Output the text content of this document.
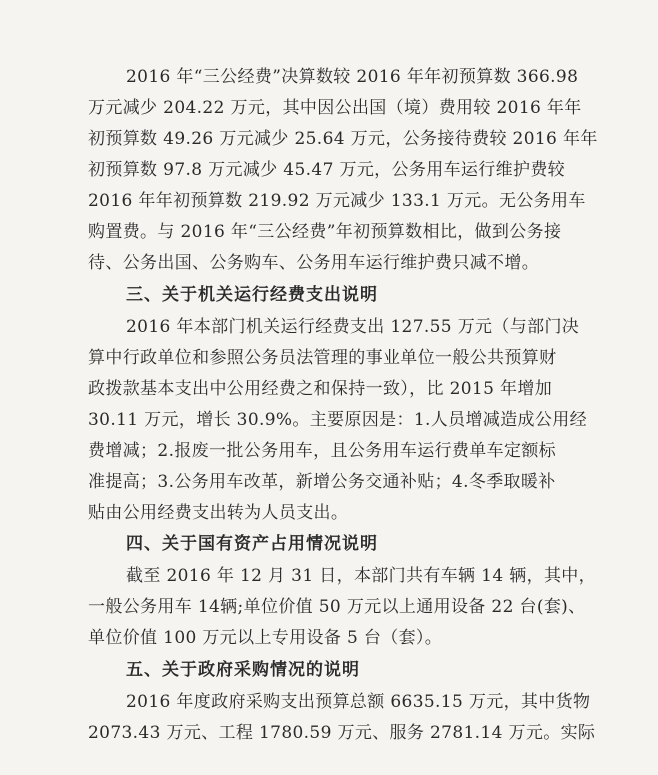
2016 年“三公经费”决算数较 2016 年年初预算数 366.98
万元减少 204.22 万元，其中因公出国（境）费用较 2016 年年
初预算数 49.26 万元减少 25.64 万元，公务接待费较 2016 年年
初预算数 97.8 万元减少 45.47 万元，公务用车运行维护费较
2016 年年初预算数 219.92 万元减少 133.1 万元。无公务用车
购置费。与 2016 年“三公经费”年初预算数相比，做到公务接
待、公务出国、公务购车、公务用车运行维护费只减不增。
三、关于机关运行经费支出说明
2016 年本部门机关运行经费支出 127.55 万元（与部门决
算中行政单位和参照公务员法管理的事业单位一般公共预算财
政拨款基本支出中公用经费之和保持一致），比 2015 年增加
30.11 万元，增长 30.9%。主要原因是：1.人员增减造成公用经
费增减；2.报废一批公务用车，且公务用车运行费单车定额标
准提高；3.公务用车改革，新增公务交通补贴；4.冬季取暖补
贴由公用经费支出转为人员支出。
四、关于国有资产占用情况说明
截至 2016 年 12 月 31 日，本部门共有车辆 14 辆，其中，
一般公务用车 14辆;单位价值 50 万元以上通用设备 22 台(套)、
单位价值 100 万元以上专用设备 5 台（套）。
五、关于政府采购情况的说明
2016 年度政府采购支出预算总额 6635.15 万元，其中货物
2073.43 万元、工程 1780.59 万元、服务 2781.14 万元。实际
